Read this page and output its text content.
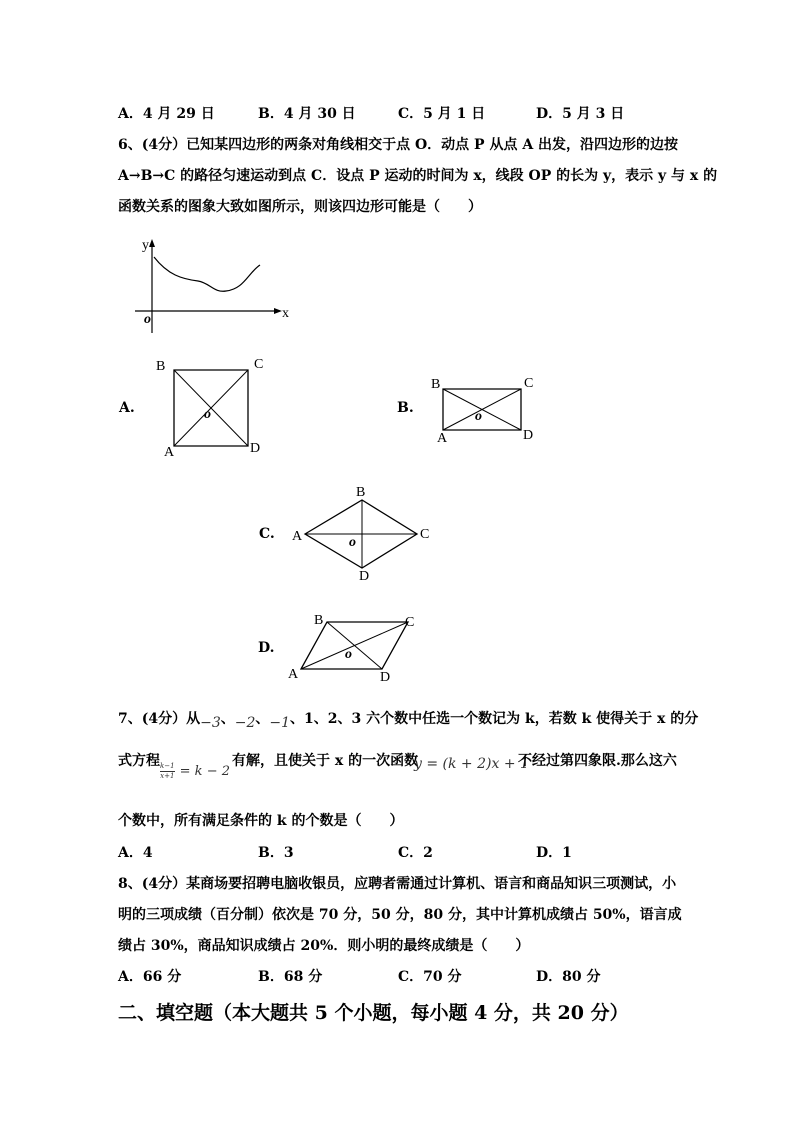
A．4 月 29 日	B．4 月 30 日	C．5 月 1 日	D．5 月 3 日
6、(4分）已知某四边形的两条对角线相交于点 O．动点 P 从点 A 出发，沿四边形的边按
A→B→C 的路径匀速运动到点 C．设点 P 运动的时间为 x，线段 OP 的长为 y，表示 y 与 x 的
函数关系的图象大致如图所示，则该四边形可能是（　　）
y
x
o
A.
B	C
A	D
o	B.
B	C
A	D
o
C.
B
C
A
D
o
D.
B	C
A	D
o
7、(4分）从−3、−2、−1、1、2、3 六个数中任选一个数记为 k，若数 k 使得关于 x 的分
式方程
$\frac{k-1}{x+1} = k - 2$
有解，且使关于 x 的一次函数
y = (k + 2)x + 1
不经过第四象限.那么这六
个数中，所有满足条件的 k 的个数是（　　）
A．4	B．3	C．2	D．1
8、(4分）某商场要招聘电脑收银员，应聘者需通过计算机、语言和商品知识三项测试，小
明的三项成绩（百分制）依次是 70 分，50 分，80 分，其中计算机成绩占 50%，语言成
绩占 30%，商品知识成绩占 20%．则小明的最终成绩是（　　）
A．66 分	B．68 分	C．70 分	D．80 分
二、填空题（本大题共 5 个小题，每小题 4 分，共 20 分）
